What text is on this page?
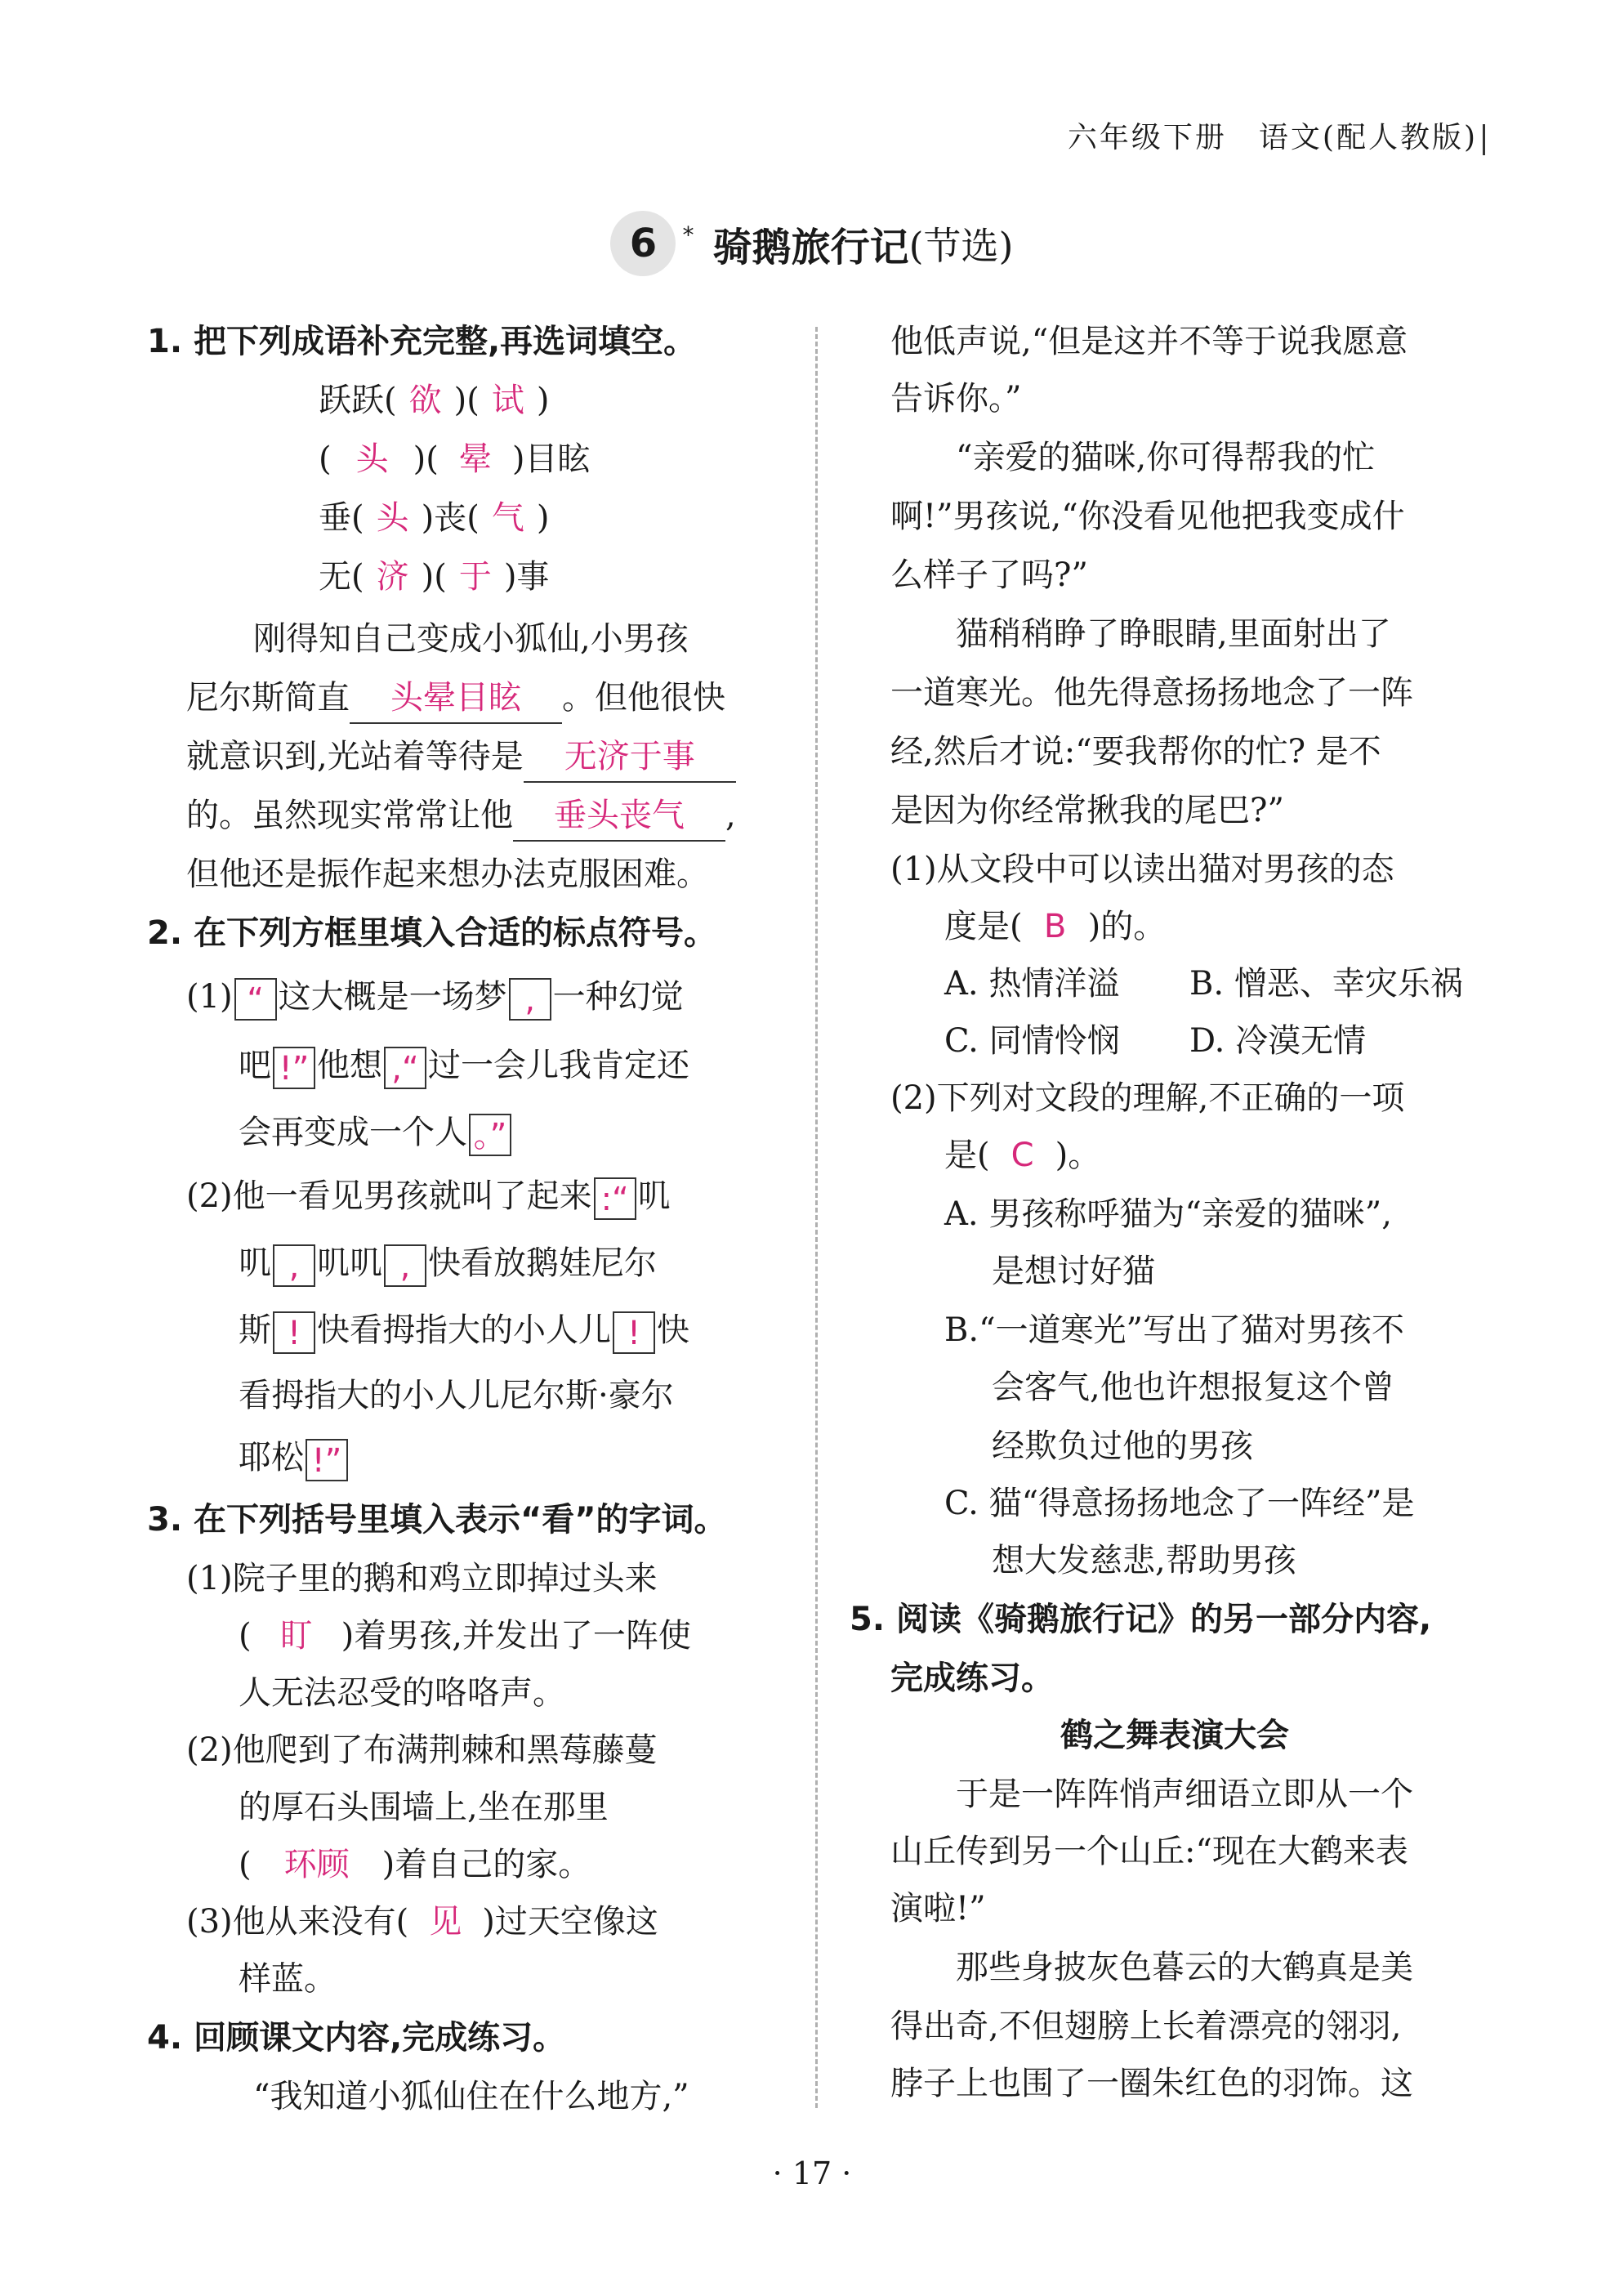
六年级下册　语文(配人教版)
6 * 骑鹅旅行记(节选)
1. 把下列成语补充完整,再选词填空。
跃跃( 欲 )( 试 )
( 头 )( 晕 )目眩
垂( 头 )丧( 气 )
无( 济 )( 于 )事
刚得知自己变成小狐仙,小男孩
尼尔斯简直 头晕目眩 。但他很快
就意识到,光站着等待是 无济于事
的。虽然现实常常让他 垂头丧气 ,
但他还是振作起来想办法克服困难。
2. 在下列方框里填入合适的标点符号。
(1) “ 这大概是一场梦 , 一种幻觉
吧 !” 他想 ,“ 过一会儿我肯定还
会再变成一个人 。”
(2)他一看见男孩就叫了起来 :“ 叽
叽 , 叽叽 , 快看放鹅娃尼尔
斯 ! 快看拇指大的小人儿 ! 快
看拇指大的小人儿尼尔斯·豪尔
耶松 !”
3. 在下列括号里填入表示“看”的字词。
(1)院子里的鹅和鸡立即掉过头来
( 盯 )着男孩,并发出了一阵使
人无法忍受的咯咯声。
(2)他爬到了布满荆棘和黑莓藤蔓
的厚石头围墙上,坐在那里
( 环顾 )着自己的家。
(3)他从来没有( 见 )过天空像这
样蓝。
4. 回顾课文内容,完成练习。
“我知道小狐仙住在什么地方,”
他低声说,“但是这并不等于说我愿意
告诉你。”
“亲爱的猫咪,你可得帮我的忙
啊!”男孩说,“你没看见他把我变成什
么样子了吗?”
猫稍稍睁了睁眼睛,里面射出了
一道寒光。他先得意扬扬地念了一阵
经,然后才说:“要我帮你的忙? 是不
是因为你经常揪我的尾巴?”
(1)从文段中可以读出猫对男孩的态
度是( B )的。
A. 热情洋溢 B. 憎恶、幸灾乐祸
C. 同情怜悯 D. 冷漠无情
(2)下列对文段的理解,不正确的一项
是( C )。
A. 男孩称呼猫为“亲爱的猫咪”,
是想讨好猫
B.“一道寒光”写出了猫对男孩不
会客气,他也许想报复这个曾
经欺负过他的男孩
C. 猫“得意扬扬地念了一阵经”是
想大发慈悲,帮助男孩
5. 阅读《骑鹅旅行记》的另一部分内容,
完成练习。
鹤之舞表演大会
于是一阵阵悄声细语立即从一个
山丘传到另一个山丘:“现在大鹤来表
演啦!”
那些身披灰色暮云的大鹤真是美
得出奇,不但翅膀上长着漂亮的翎羽,
脖子上也围了一圈朱红色的羽饰。这
· 17 ·
